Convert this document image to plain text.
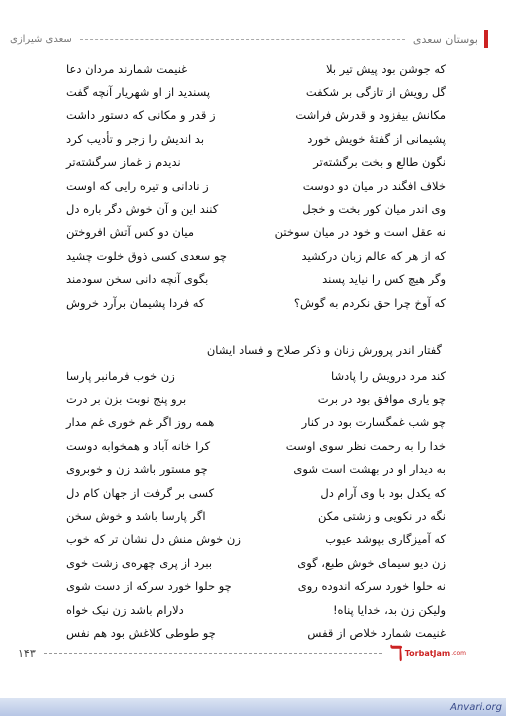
سعدی شیرازی	بوستان سعدی
غنیمت شمارند مردان دعا	که جوشن بود پیش تیر بلا
پسندید از او شهریار آنچه گفت	گل رویش از تازگی بر شکفت
ز قدر و مکانی که دستور داشت	مکانش بیفزود و قدرش فراشت
بد اندیش را زجر و تأدیب کرد	پشیمانی از گفتهٔ خویش خورد
ندیدم ز غماز سرگشته‌تر	نگون طالع و بخت برگشته‌تر
ز نادانی و تیره رایی که اوست	خلاف افگند در میان دو دوست
کنند این و آن خوش دگر باره دل	وی اندر میان کور بخت و خجل
میان دو کس آتش افروختن	نه عقل است و خود در میان سوختن
چو سعدی کسی ذوق خلوت چشید	که از هر که عالم زبان درکشید
بگوی آنچه دانی سخن سودمند	وگر هیچ کس را نیاید پسند
که فردا پشیمان برآرد خروش	که آوخ چرا حق نکردم به گوش؟
گفتار اندر پرورش زنان و ذکر صلاح و فساد ایشان
زن خوب فرمانبر پارسا	کند مرد درویش را پادشا
برو پنج نوبت بزن بر درت	چو یاری موافق بود در برت
همه روز اگر غم خوری غم مدار	چو شب غمگسارت بود در کنار
کرا خانه آباد و همخوابه دوست	خدا را به رحمت نظر سوی اوست
چو مستور باشد زن و خوبروی	به دیدار او در بهشت است شوی
کسی بر گرفت از جهان کام دل	که یکدل بود با وی آرام دل
اگر پارسا باشد و خوش سخن	نگه در نکویی و زشتی مکن
زن خوش منش دل نشان تر که خوب	که آمیزگاری بپوشد عیوب
ببرد از پری چهره‌ی زشت خوی	زن دیو سیمای خوش طبع، گوی
چو حلوا خورد سرکه از دست شوی	نه حلوا خورد سرکه اندوده روی
دلارام باشد زن نیک خواه	ولیکن زن بد، خدایا پناه!
چو طوطی کلاغش بود هم نفس	غنیمت شمارد خلاص از قفس
۱۴۳	ℸ TorbatJam .com
Anvari.org
